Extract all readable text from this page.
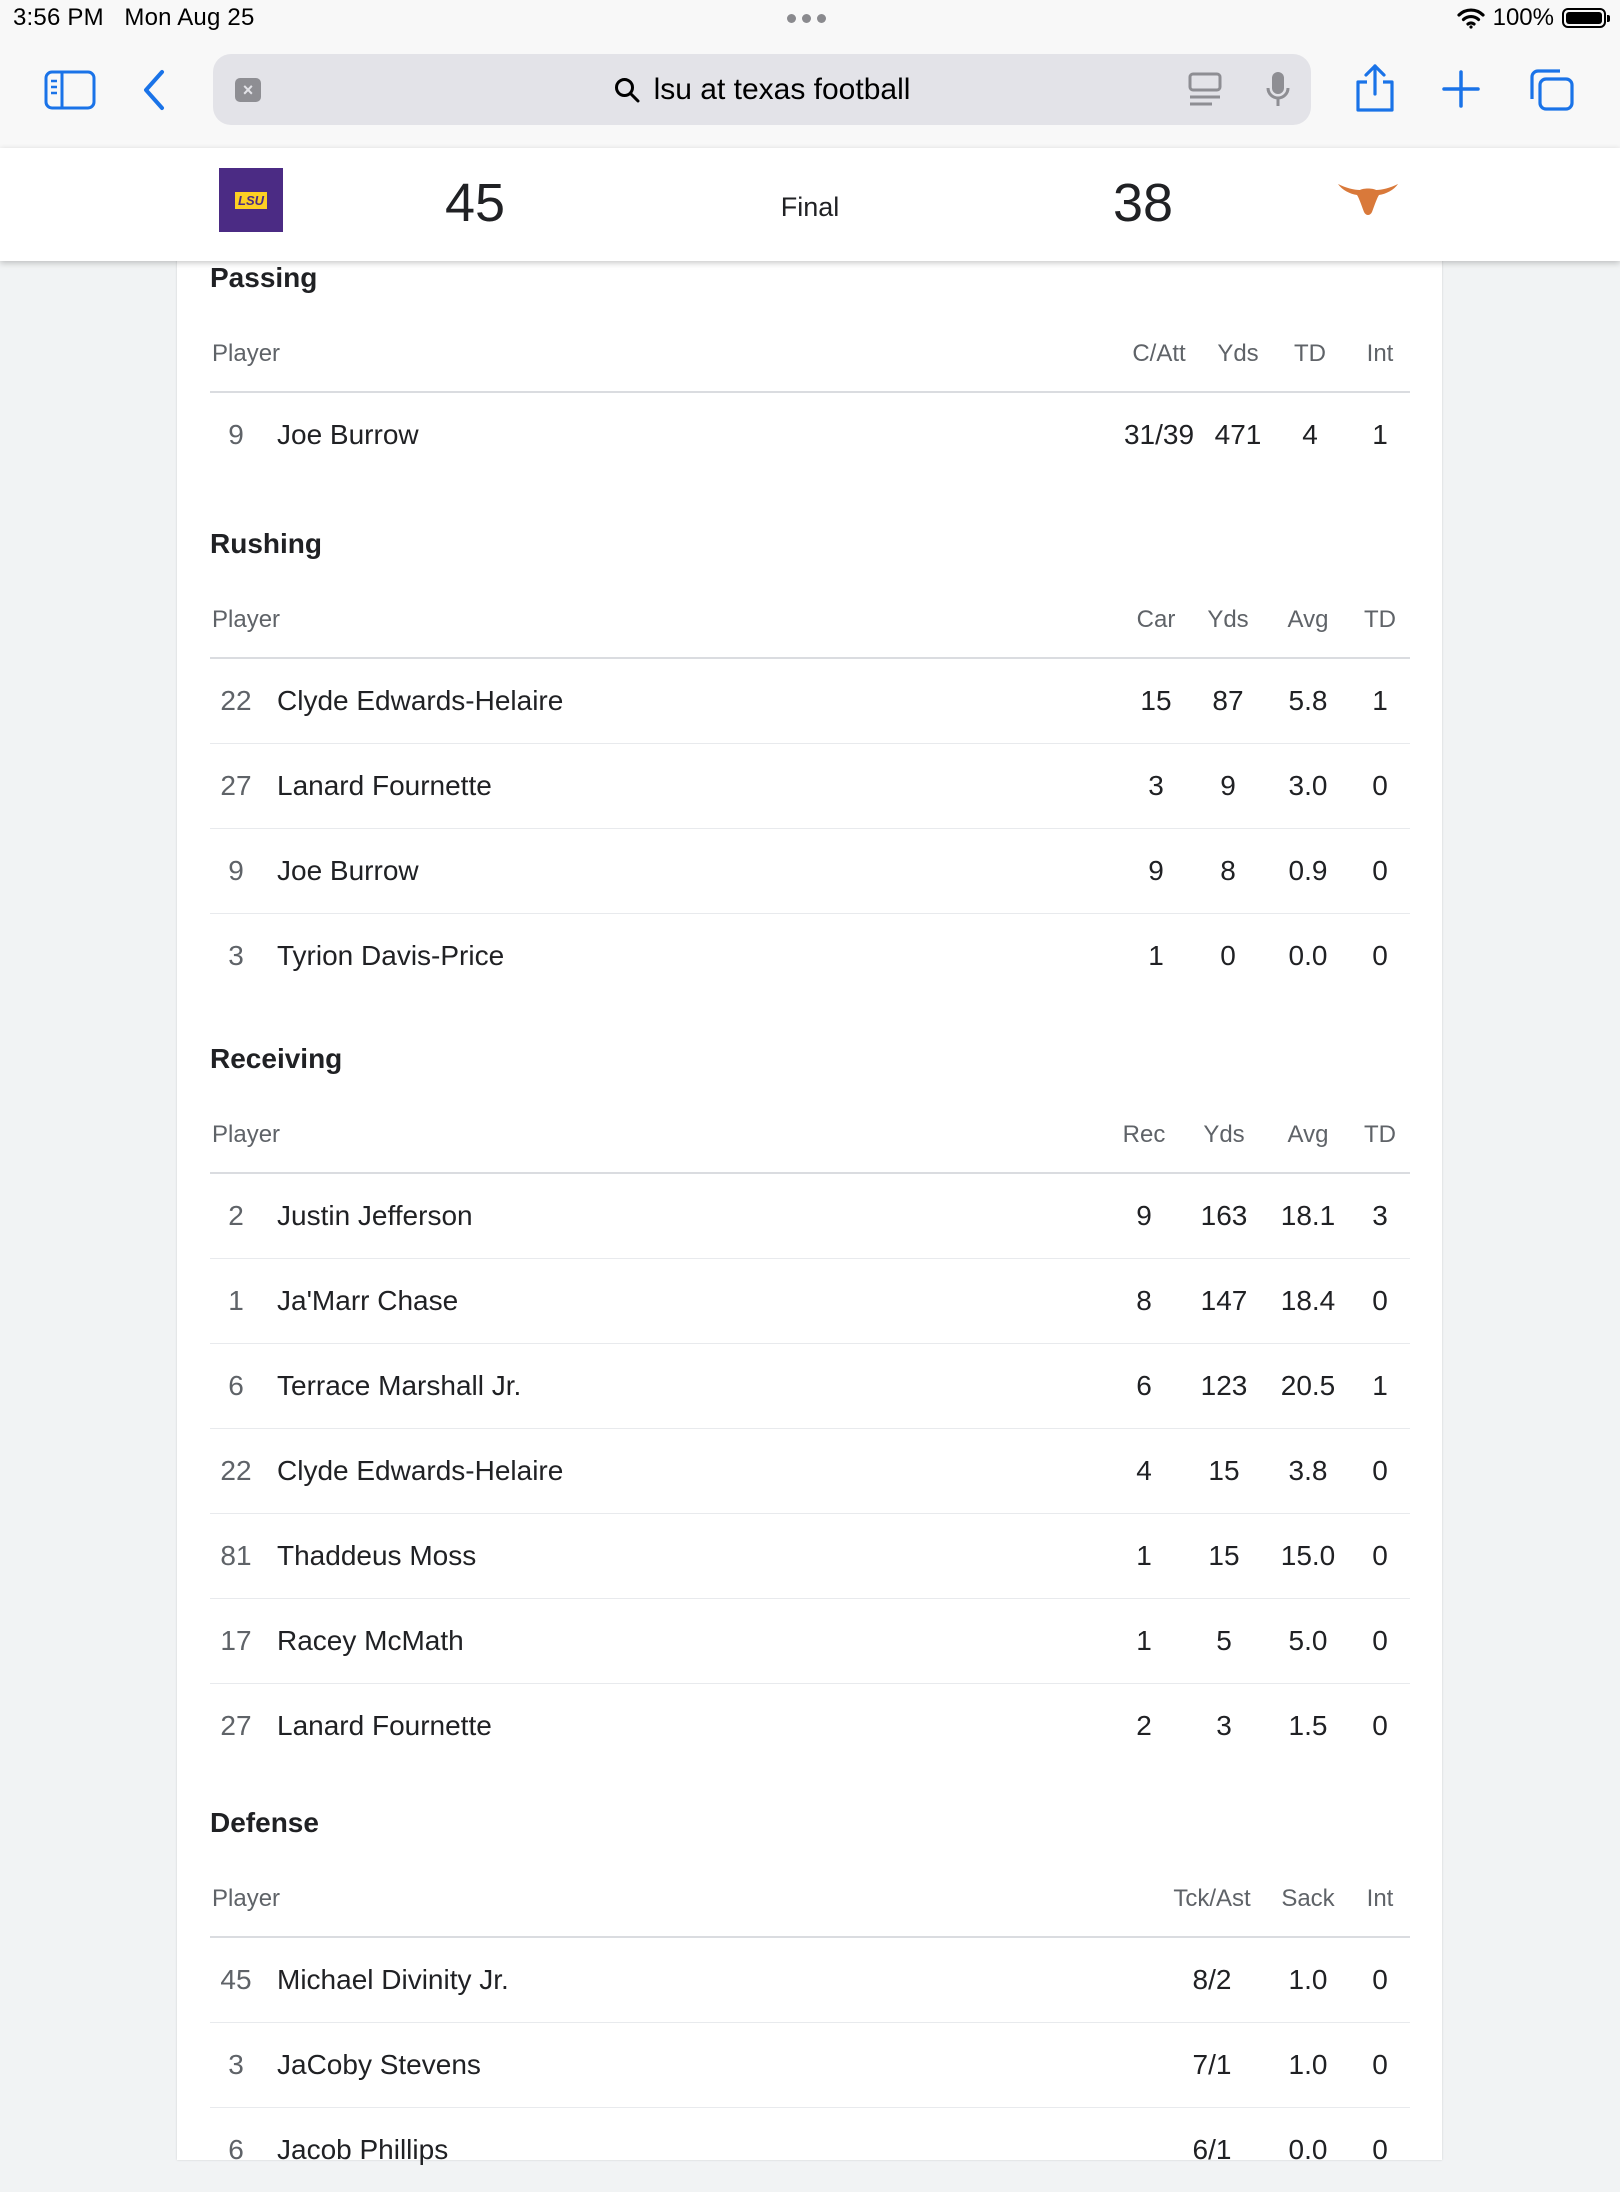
3:56 PM Mon Aug 25	100%
×	lsu at texas football
LSU	45	Final	38
Passing
Player		C/Att	Yds	TD	Int
9	Joe Burrow	31/39	471	4	1
Rushing
Player		Car	Yds	Avg	TD
22	Clyde Edwards-Helaire	15	87	5.8	1
27	Lanard Fournette	3	9	3.0	0
9	Joe Burrow	9	8	0.9	0
3	Tyrion Davis-Price	1	0	0.0	0
Receiving
Player		Rec	Yds	Avg	TD
2	Justin Jefferson	9	163	18.1	3
1	Ja'Marr Chase	8	147	18.4	0
6	Terrace Marshall Jr.	6	123	20.5	1
22	Clyde Edwards-Helaire	4	15	3.8	0
81	Thaddeus Moss	1	15	15.0	0
17	Racey McMath	1	5	5.0	0
27	Lanard Fournette	2	3	1.5	0
Defense
Player		Tck/Ast	Sack	Int
45	Michael Divinity Jr.	8/2	1.0	0
3	JaCoby Stevens	7/1	1.0	0
6	Jacob Phillips	6/1	0.0	0
